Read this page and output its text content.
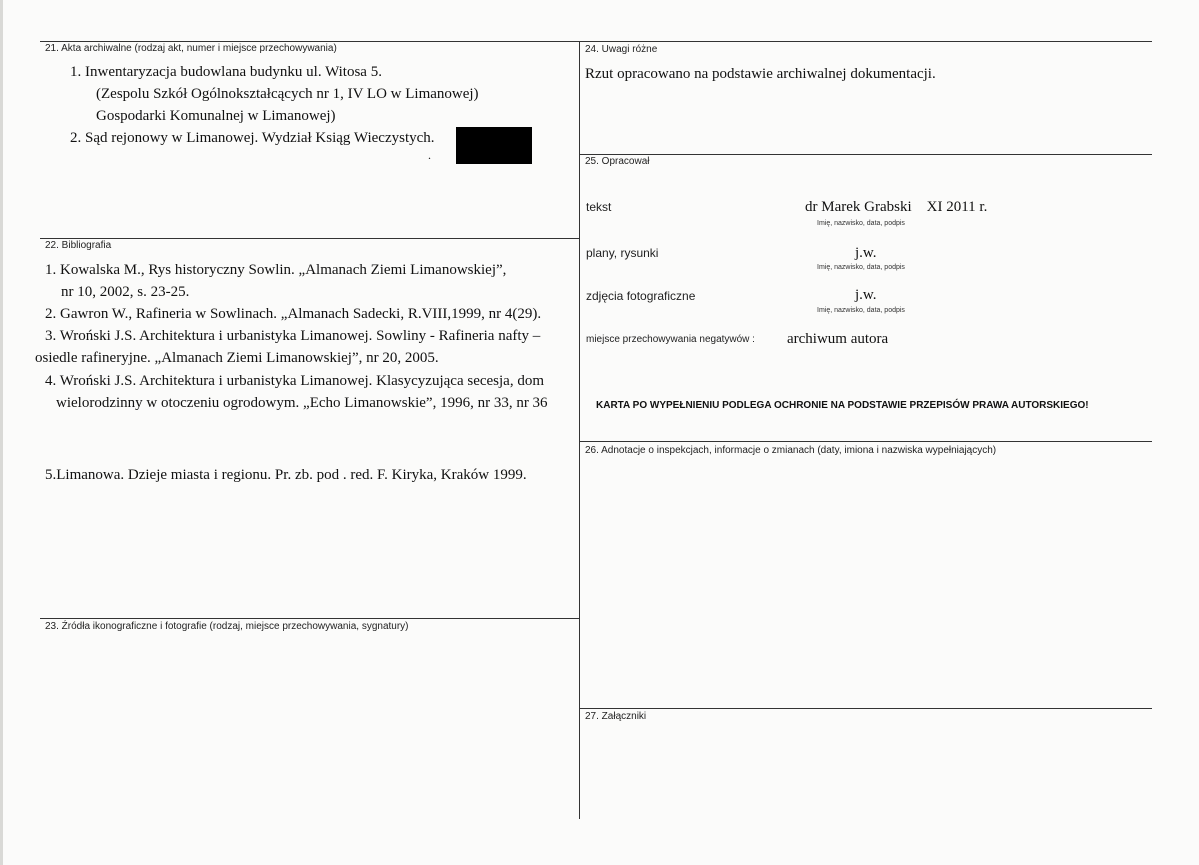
21. Akta archiwalne (rodzaj akt, numer i miejsce przechowywania)
1. Inwentaryzacja budowlana budynku ul. Witosa 5.
(Zespolu Szkół Ogólnokształcących nr 1, IV LO w Limanowej)
Gospodarki Komunalnej w Limanowej)
2. Sąd rejonowy w Limanowej. Wydział Ksiąg Wieczystych.
.
22. Bibliografia
1. Kowalska M., Rys historyczny Sowlin. „Almanach Ziemi Limanowskiej”,
nr 10, 2002, s. 23-25.
2. Gawron W., Rafineria w Sowlinach. „Almanach Sadecki, R.VIII,1999, nr 4(29).
3. Wroński J.S. Architektura i urbanistyka Limanowej. Sowliny - Rafineria nafty –
osiedle rafineryjne. „Almanach Ziemi Limanowskiej”, nr 20, 2005.
4. Wroński J.S. Architektura i urbanistyka Limanowej. Klasycyzująca secesja, dom
wielorodzinny w otoczeniu ogrodowym. „Echo Limanowskie”, 1996, nr 33, nr 36
5.Limanowa. Dzieje miasta i regionu. Pr. zb. pod . red. F. Kiryka, Kraków 1999.
23. Źródła ikonograficzne i fotografie (rodzaj, miejsce przechowywania, sygnatury)
24. Uwagi różne
Rzut opracowano na podstawie archiwalnej dokumentacji.
25. Opracował
tekst	dr Marek Grabski    XI 2011 r.
Imię, nazwisko, data, podpis
plany, rysunki	j.w.
Imię, nazwisko, data, podpis
zdjęcia fotograficzne	j.w.
Imię, nazwisko, data, podpis
miejsce przechowywania negatywów : archiwum autora
KARTA PO WYPEŁNIENIU PODLEGA OCHRONIE NA PODSTAWIE PRZEPISÓW PRAWA AUTORSKIEGO!
26. Adnotacje o inspekcjach, informacje o zmianach (daty, imiona i nazwiska wypełniających)
27. Załączniki
